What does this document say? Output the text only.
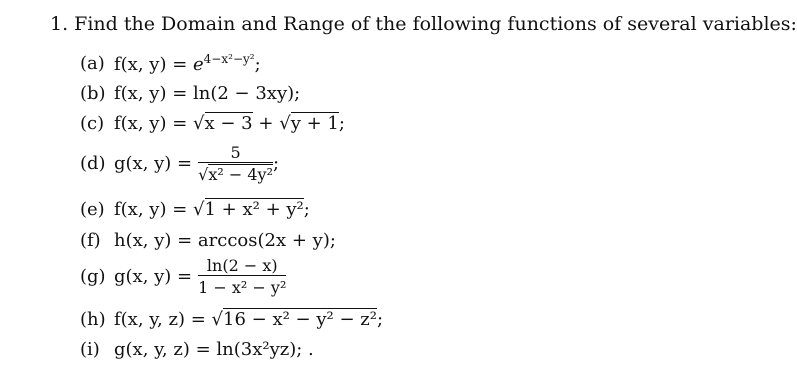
1. Find the Domain and Range of the following functions of several variables:
(a) f(x, $y) = e^{4-x^2-y^2}$;
(b) f(x, y) = ln(2 − 3xy);
(c) f(x, y) = √x − 3 + √y + 1;
(d) g(x, $y) = \frac{5}{\text{√x² − 4y²}}$ ;
(e) f(x, y) = √1 + x² + y²;
(f) h(x, y) = arccos(2x + y);
(g) g(x, $y) = \frac{\ln(2 - x)}{\text{1 − x² − y²}}$
(h) f(x, y, z) = √16 − x² − y² − z²;
(i) g(x, y, z) = ln(3x²yz); .
